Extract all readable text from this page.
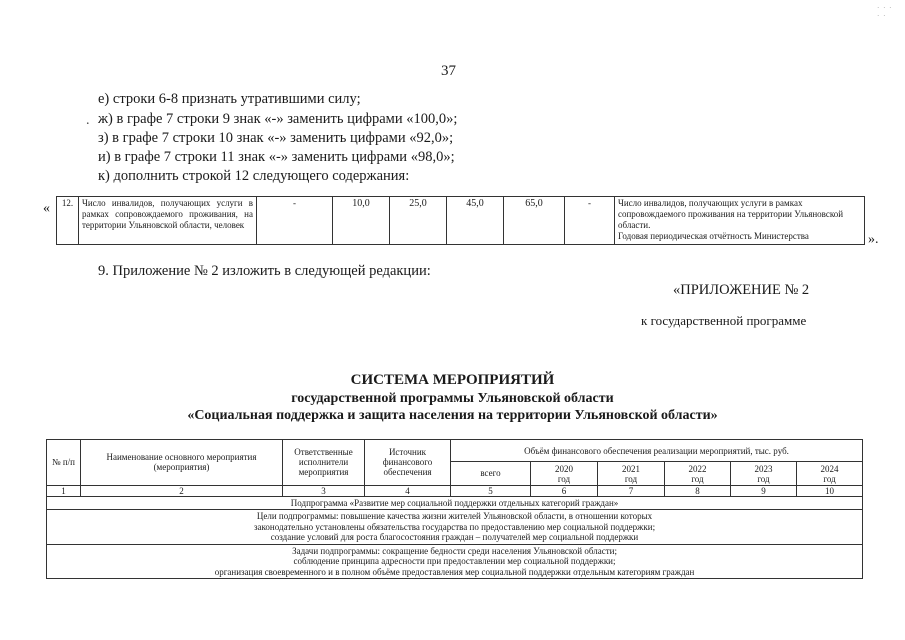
· · ·
· ·
37
.
е) строки 6-8 признать утратившими силу;
ж) в графе 7 строки 9 знак «-» заменить цифрами «100,0»;
з) в графе 7 строки 10 знак «-» заменить цифрами «92,0»;
и) в графе 7 строки 11 знак «-» заменить цифрами «98,0»;
к) дополнить строкой 12 следующего содержания:
« 12.	Число инвалидов, получающих услуги в рамках сопровождаемого проживания, на территории Ульяновской области, человек	-	10,0	25,0	45,0	65,0	-	Число инвалидов, получающих услуги в рамках сопровождаемого проживания на территории Ульяновской области.
Годовая периодическая отчётность Министерства	».
9. Приложение № 2 изложить в следующей редакции:
«ПРИЛОЖЕНИЕ № 2
к государственной программе
СИСТЕМА МЕРОПРИЯТИЙ
государственной программы Ульяновской области
«Социальная поддержка и защита населения на территории Ульяновской области»
№ п/п	Наименование основного мероприятия (мероприятия)	Ответственные исполнители мероприятия	Источник финансового обеспечения	Объём финансового обеспечения реализации мероприятий, тыс. руб.					
				всего	2020	2021	2022	2023	2024
					год	год	год	год	год
1	2	3	4	5	6	7	8	9	10
Подпрограмма «Развитие мер социальной поддержки отдельных категорий граждан»									

Цели подпрограммы: повышение качества жизни жителей Ульяновской области, в отношении которых
законодательно установлены обязательства государства по предоставлению мер социальной поддержки;
создание условий для роста благосостояния граждан – получателей мер социальной поддержки									

Задачи подпрограммы: сокращение бедности среди населения Ульяновской области;
соблюдение принципа адресности при предоставлении мер социальной поддержки;
организация своевременного и в полном объёме предоставления мер социальной поддержки отдельным категориям граждан									
